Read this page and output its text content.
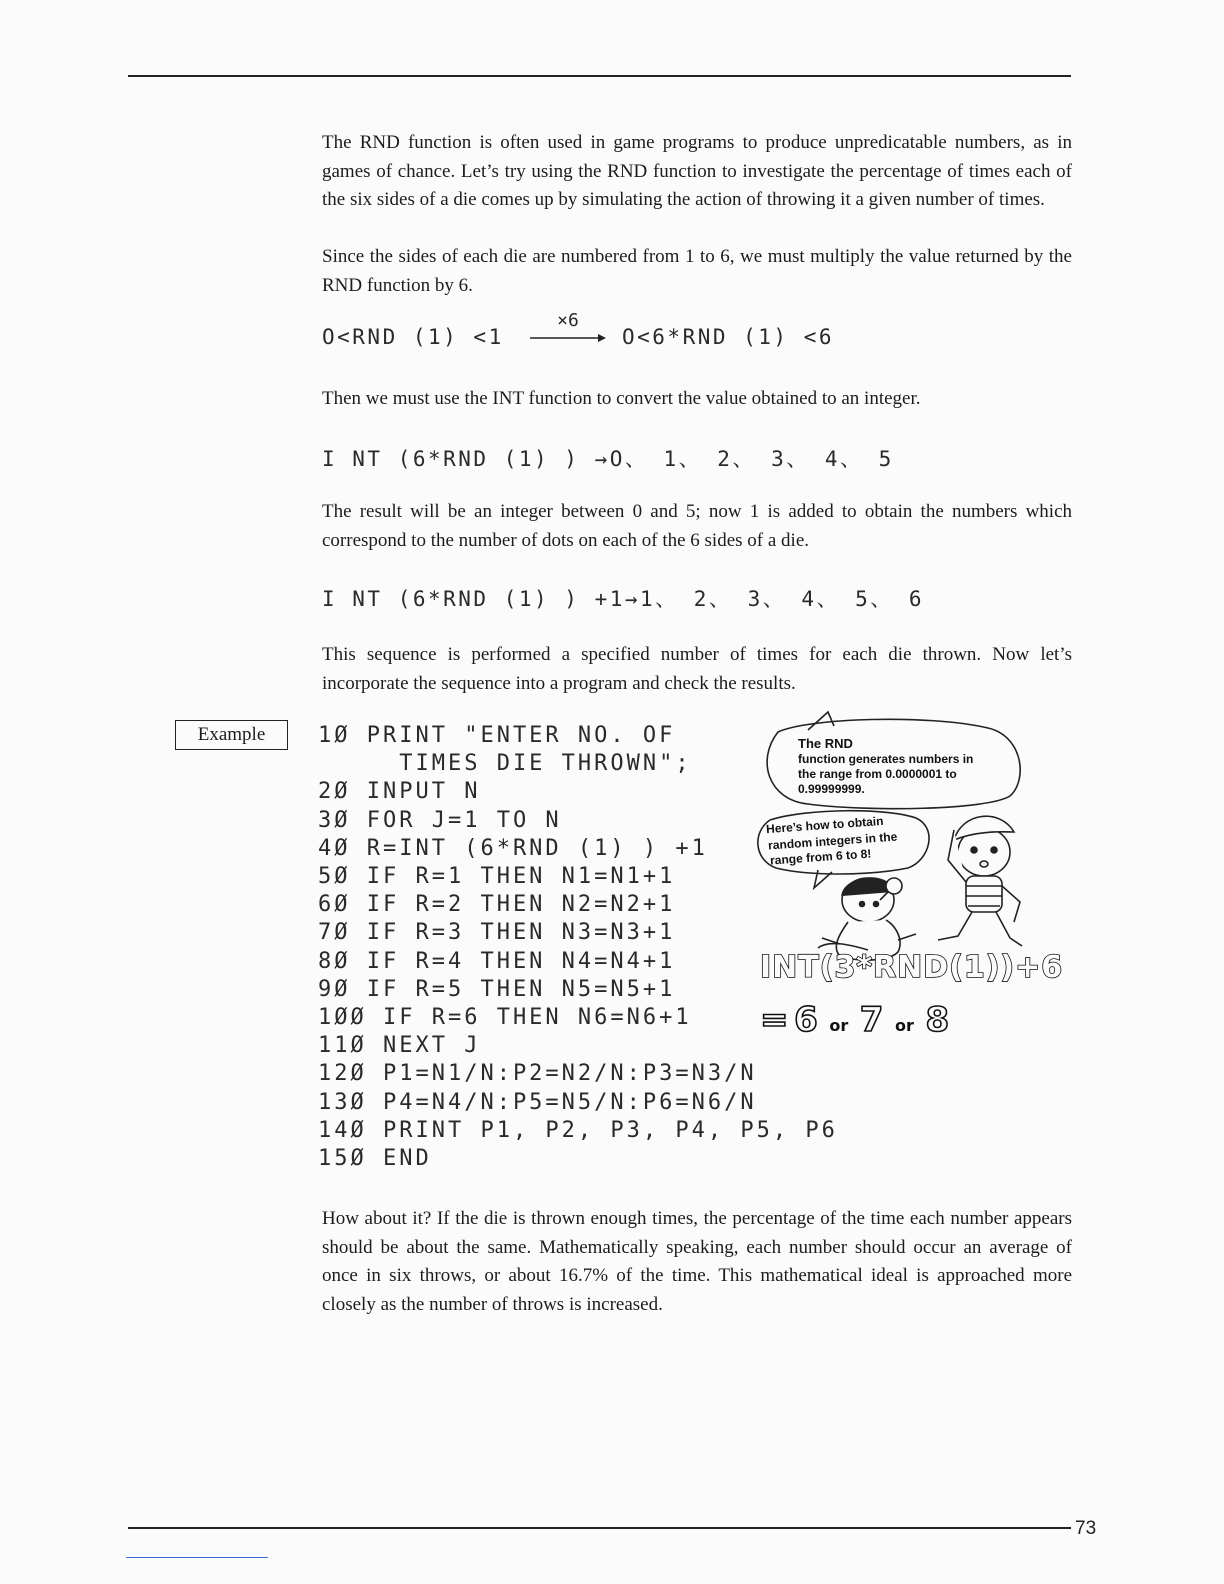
The RND function is often used in game programs to produce unpredicatable numbers, as in games of chance. Let’s try using the RND function to investigate the percentage of times each of the six sides of a die comes up by simulating the action of throwing it a given number of times.
Since the sides of each die are numbered from 1 to 6, we must multiply the value returned by the RND function by 6.
O<RND (1) <1
×6
O<6*RND (1) <6
Then we must use the INT function to convert the value obtained to an integer.
I NT (6*RND (1) ) →O、 1、 2、 3、 4、 5
The result will be an integer between 0 and 5; now 1 is added to obtain the numbers which correspond to the number of dots on each of the 6 sides of a die.
I NT (6*RND (1) ) +1→1、 2、 3、 4、 5、 6
This sequence is performed a specified number of times for each die thrown. Now let’s incorporate the sequence into a program and check the results.
Example	1Ø PRINT "ENTER NO. OF
TIMES DIE THROWN";
2Ø INPUT N
3Ø FOR J=1 TO N
4Ø R=INT (6*RND (1) ) +1
5Ø IF R=1 THEN N1=N1+1
6Ø IF R=2 THEN N2=N2+1
7Ø IF R=3 THEN N3=N3+1
8Ø IF R=4 THEN N4=N4+1
9Ø IF R=5 THEN N5=N5+1
1ØØ IF R=6 THEN N6=N6+1
11Ø NEXT J
12Ø P1=N1/N:P2=N2/N:P3=N3/N
13Ø P4=N4/N:P5=N5/N:P6=N6/N
14Ø PRINT P1, P2, P3, P4, P5, P6
15Ø END
The RND
function generates numbers in
the range from 0.0000001 to
0.99999999.
Here’s how to obtain
random integers in the
range from 6 to 8!
INT(3*RND(1))+6
= 6 or 7 or 8
How about it? If the die is thrown enough times, the percentage of the time each number appears should be about the same. Mathematically speaking, each number should occur an average of once in six throws, or about 16.7% of the time. This mathematical ideal is approached more closely as the number of throws is increased.
73
